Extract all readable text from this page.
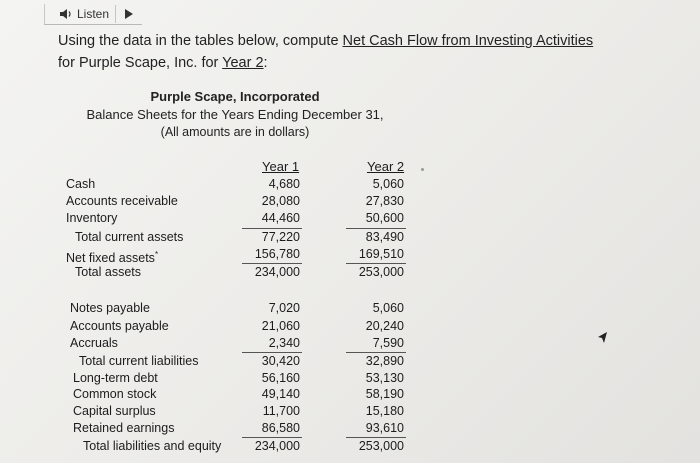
Listen
Using the data in the tables below, compute Net Cash Flow from Investing Activities
for Purple Scape, Inc. for Year 2:
Purple Scape, Incorporated
Balance Sheets for the Years Ending December 31,
(All amounts are in dollars)
Year 1	Year 2
Cash	4,680	5,060
Accounts receivable	28,080	27,830
Inventory	44,460	50,600
Total current assets	77,220	83,490
Net fixed assets*	156,780	169,510
Total assets	234,000	253,000
Notes payable	7,020	5,060
Accounts payable	21,060	20,240
Accruals	2,340	7,590
Total current liabilities	30,420	32,890
Long-term debt	56,160	53,130
Common stock	49,140	58,190
Capital surplus	11,700	15,180
Retained earnings	86,580	93,610
Total liabilities and equity	234,000	253,000
